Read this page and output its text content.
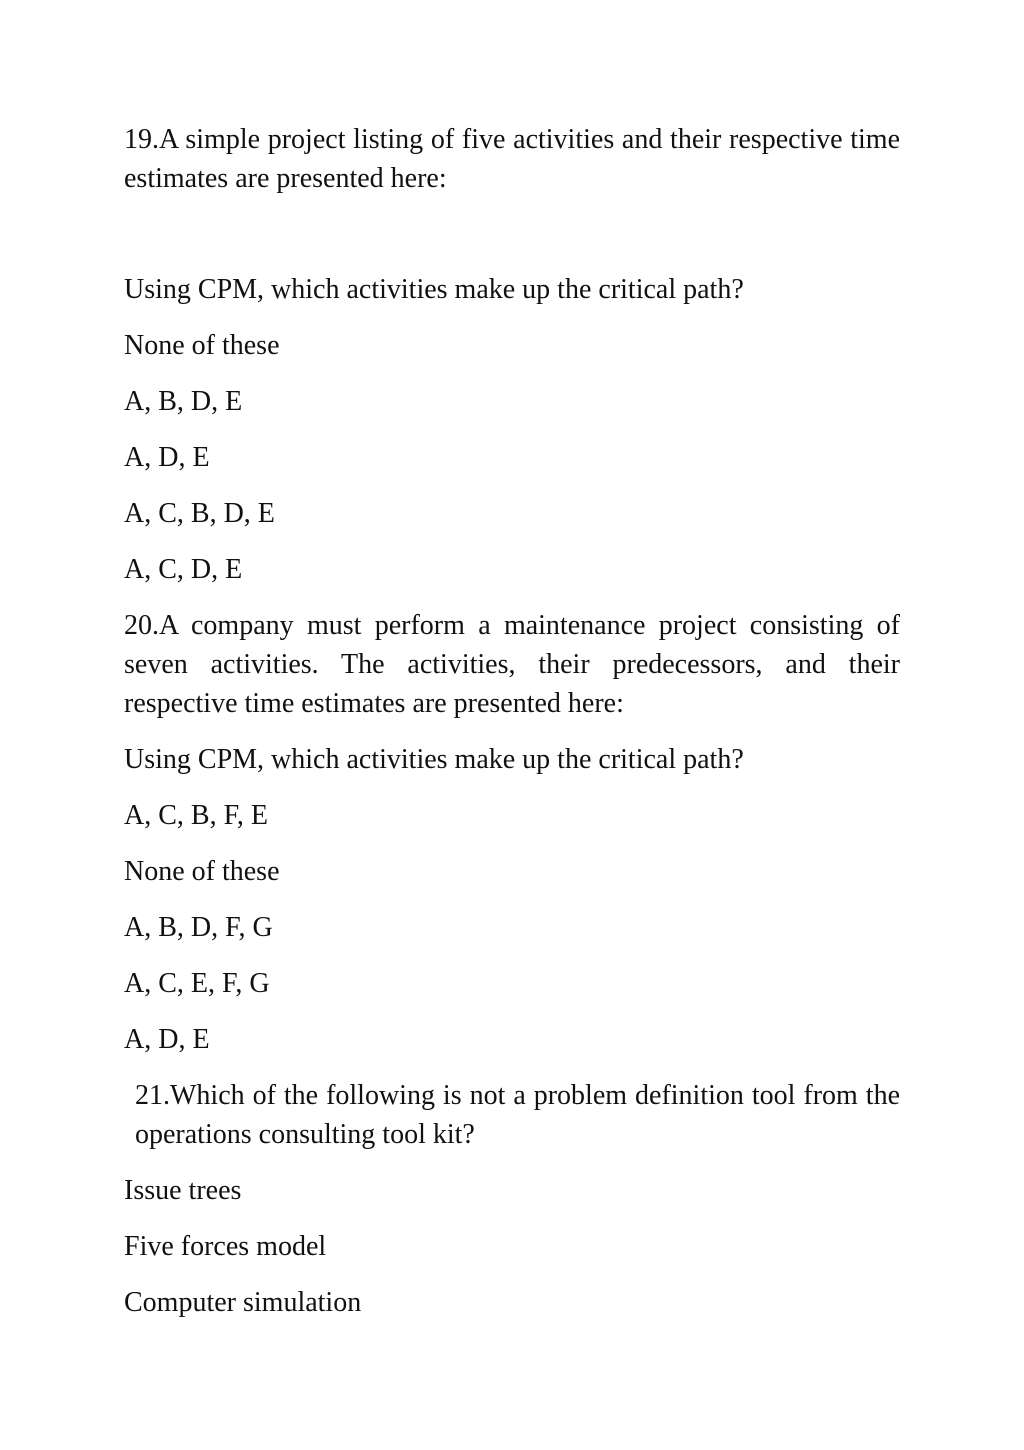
19.A simple project listing of five activities and their respective time estimates are presented here:

Using CPM, which activities make up the critical path?

None of these

A, B, D, E

A, D, E

A, C, B, D, E

A, C, D, E

20.A company must perform a maintenance project consisting of seven activities. The activities, their predecessors, and their respective time estimates are presented here:

Using CPM, which activities make up the critical path?

A, C, B, F, E

None of these

A, B, D, F, G

A, C, E, F, G

A, D, E

21.Which of the following is not a problem definition tool from the operations consulting tool kit?

Issue trees

Five forces model

Computer simulation
